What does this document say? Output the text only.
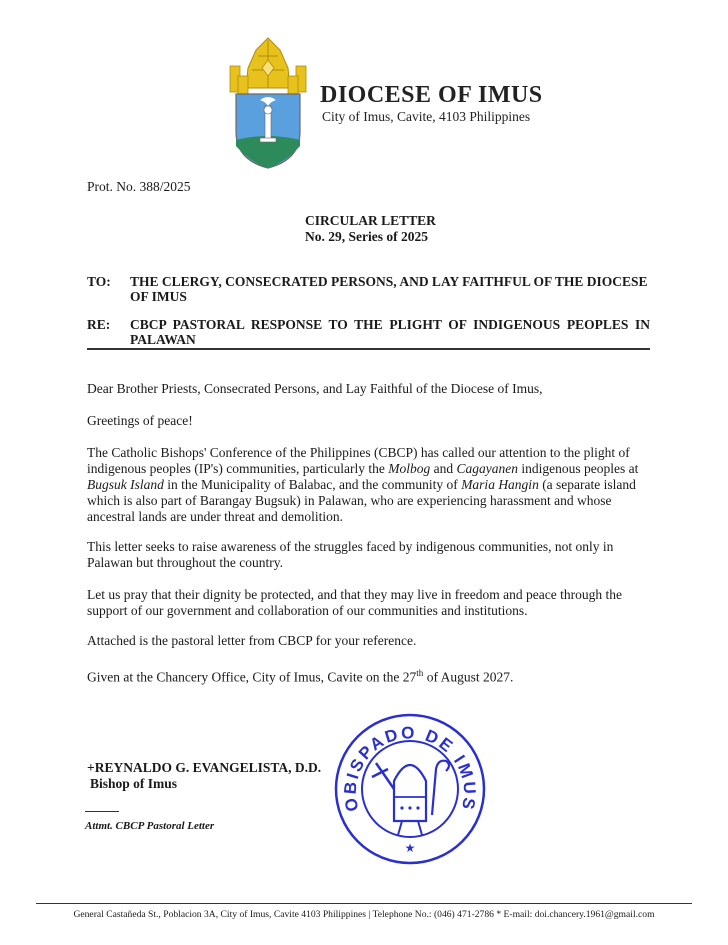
DIOCESE OF IMUS
City of Imus, Cavite, 4103 Philippines
Prot. No. 388/2025
CIRCULAR LETTER
No. 29, Series of 2025
TO: THE CLERGY, CONSECRATED PERSONS, AND LAY FAITHFUL OF THE DIOCESE OF IMUS
RE: CBCP PASTORAL RESPONSE TO THE PLIGHT OF INDIGENOUS PEOPLES IN PALAWAN
Dear Brother Priests, Consecrated Persons, and Lay Faithful of the Diocese of Imus,
Greetings of peace!
The Catholic Bishops' Conference of the Philippines (CBCP) has called our attention to the plight of indigenous peoples (IP's) communities, particularly the Molbog and Cagayanen indigenous peoples at Bugsuk Island in the Municipality of Balabac, and the community of Maria Hangin (a separate island which is also part of Barangay Bugsuk) in Palawan, who are experiencing harassment and whose ancestral lands are under threat and demolition.
This letter seeks to raise awareness of the struggles faced by indigenous communities, not only in Palawan but throughout the country.
Let us pray that their dignity be protected, and that they may live in freedom and peace through the support of our government and collaboration of our communities and institutions.
Attached is the pastoral letter from CBCP for your reference.
Given at the Chancery Office, City of Imus, Cavite on the 27th of August 2027.
+REYNALDO G. EVANGELISTA, D.D.
Bishop of Imus
Attmt. CBCP Pastoral Letter
OBISPADO DE IMUS
★
General Castañeda St., Poblacion 3A, City of Imus, Cavite 4103 Philippines | Telephone No.: (046) 471-2786 * E-mail: doi.chancery.1961@gmail.com
